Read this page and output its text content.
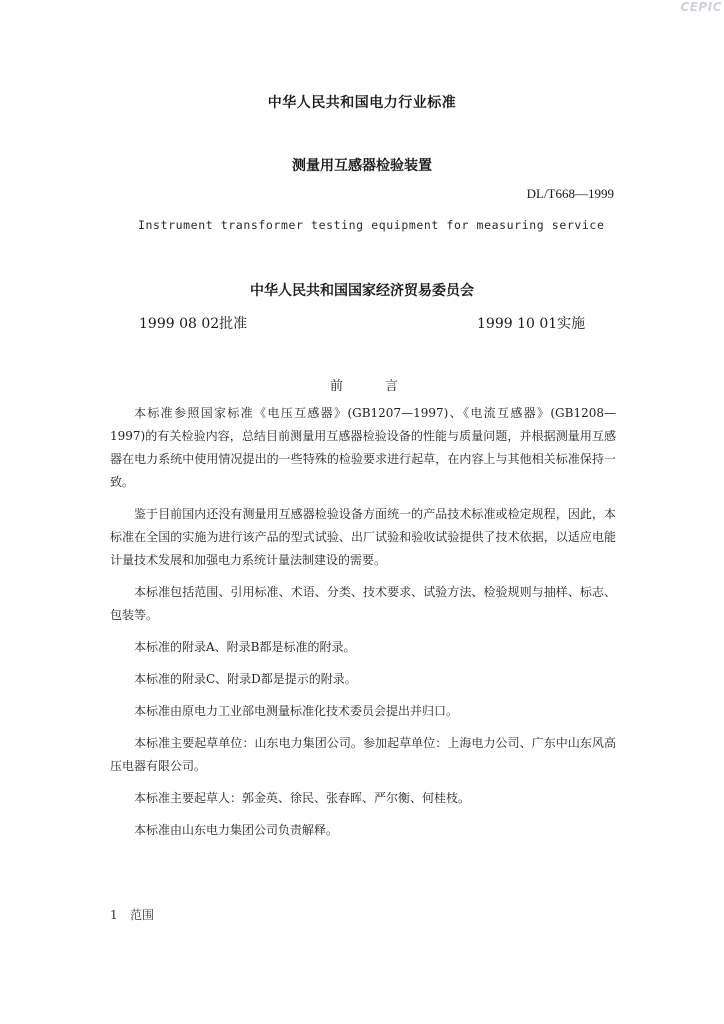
CEPIC
中华人民共和国电力行业标准
测量用互感器检验装置
DL/T668—1999
Instrument transformer testing equipment for measuring service
中华人民共和国国家经济贸易委员会
1999 08 02批准	1999 10 01实施
前言

本标准参照国家标准《电压互感器》(GB1207—1997)、《电流互感器》(GB1208—1997)的有关检验内容，总结目前测量用互感器检验设备的性能与质量问题，并根据测量用互感器在电力系统中使用情况提出的一些特殊的检验要求进行起草，在内容上与其他相关标准保持一致。

鉴于目前国内还没有测量用互感器检验设备方面统一的产品技术标准或检定规程，因此，本标准在全国的实施为进行该产品的型式试验、出厂试验和验收试验提供了技术依据，以适应电能计量技术发展和加强电力系统计量法制建设的需要。

本标准包括范围、引用标准、术语、分类、技术要求、试验方法、检验规则与抽样、标志、包装等。

本标准的附录A、附录B都是标准的附录。

本标准的附录C、附录D都是提示的附录。

本标准由原电力工业部电测量标准化技术委员会提出并归口。

本标准主要起草单位：山东电力集团公司。参加起草单位：上海电力公司、广东中山东风高压电器有限公司。

本标准主要起草人：郭金英、徐民、张春晖、严尔衡、何桂枝。

本标准由山东电力集团公司负责解释。

1 范围
